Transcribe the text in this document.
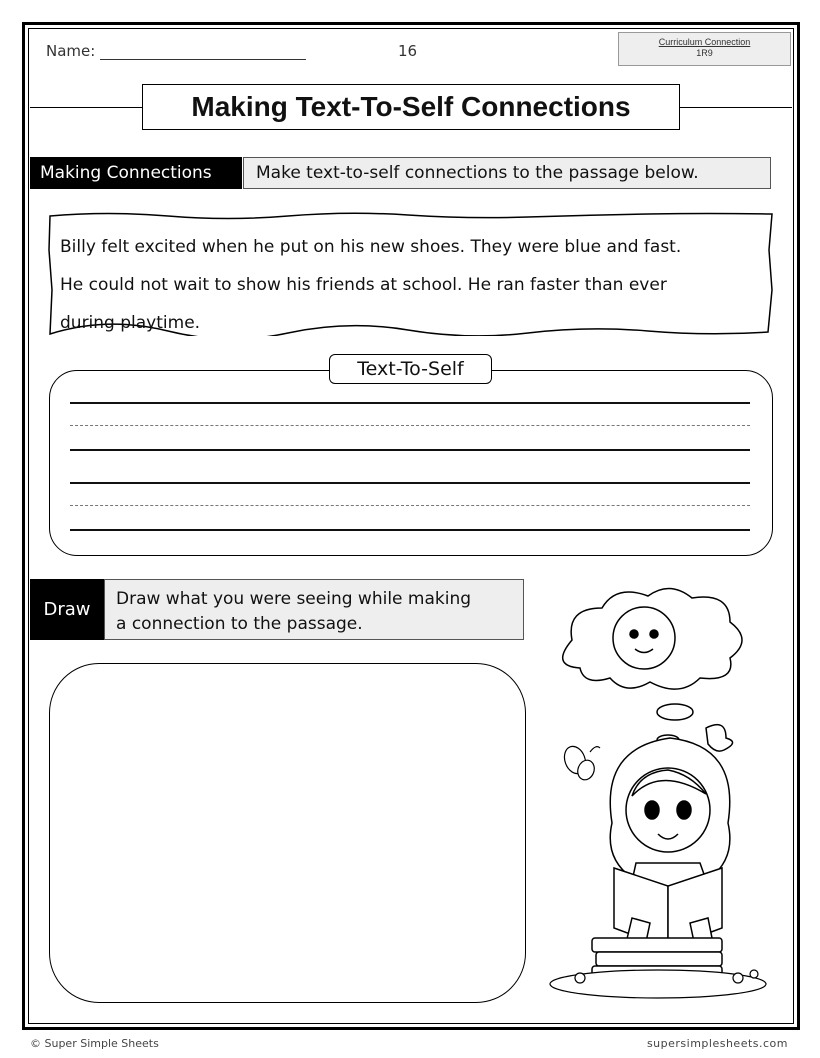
Name:	16	Curriculum Connection
1R9
Making Text-To-Self Connections
Making Connections	Make text-to-self connections to the passage below.
Billy felt excited when he put on his new shoes. They were blue and fast.
He could not wait to show his friends at school. He ran faster than ever
during playtime.
Text-To-Self
Draw	Draw what you were seeing while making
a connection to the passage.
© Super Simple Sheets	supersimplesheets.com
